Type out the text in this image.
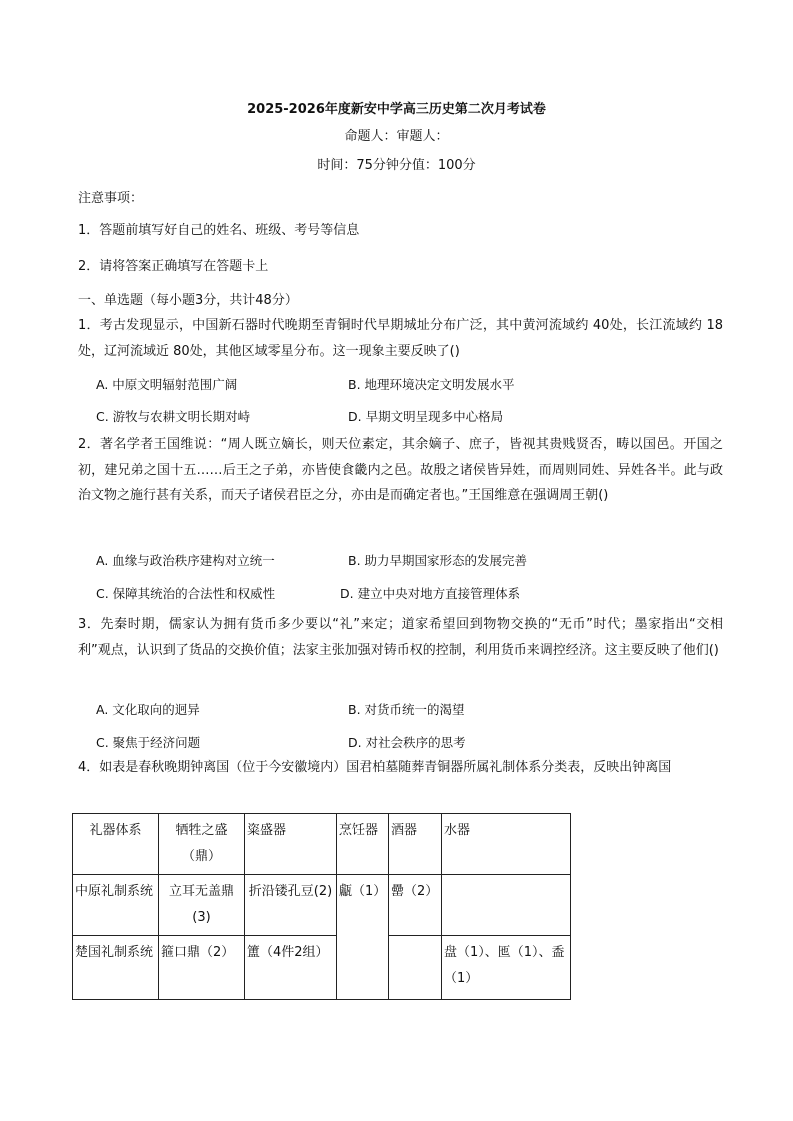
2025-2026年度新安中学高三历史第二次月考试卷
命题人：审题人：
时间：75分钟分值：100分
注意事项：
1．答题前填写好自己的姓名、班级、考号等信息
2．请将答案正确填写在答题卡上
一、单选题（每小题3分，共计48分）
1．考古发现显示，中国新石器时代晚期至青铜时代早期城址分布广泛，其中黄河流域约 40处，长江流域约 18处，辽河流域近 80处，其他区域零星分布。这一现象主要反映了()
A. 中原文明辐射范围广阔	B. 地理环境决定文明发展水平
C. 游牧与农耕文明长期对峙	D. 早期文明呈现多中心格局
2．著名学者王国维说：“周人既立嫡长，则天位素定，其余嫡子、庶子，皆视其贵贱贤否，畴以国邑。开国之初，建兄弟之国十五……后王之子弟，亦皆使食畿内之邑。故殷之诸侯皆异姓，而周则同姓、异姓各半。此与政治文物之施行甚有关系，而天子诸侯君臣之分，亦由是而确定者也。”王国维意在强调周王朝()
A. 血缘与政治秩序建构对立统一	B. 助力早期国家形态的发展完善
C. 保障其统治的合法性和权威性	D. 建立中央对地方直接管理体系
3．先秦时期，儒家认为拥有货币多少要以“礼”来定；道家希望回到物物交换的“无币”时代；墨家指出“交相利”观点，认识到了货品的交换价值；法家主张加强对铸币权的控制，利用货币来调控经济。这主要反映了他们()
A. 文化取向的迥异	B. 对货币统一的渴望
C. 聚焦于经济问题	D. 对社会秩序的思考
4．如表是春秋晚期钟离国（位于今安徽境内）国君柏墓随葬青铜器所属礼制体系分类表，反映出钟离国
礼器体系	牺牲之盛（鼎）	粢盛器	烹饪器	酒器	水器
中原礼制系统	立耳无盖鼎(3)	折沿镂孔豆(2)	甗（1）	罍（2）	
楚国礼制系统	箍口鼎（2）	簠（4件2组）			盘（1）、匜（1）、盉（1）
